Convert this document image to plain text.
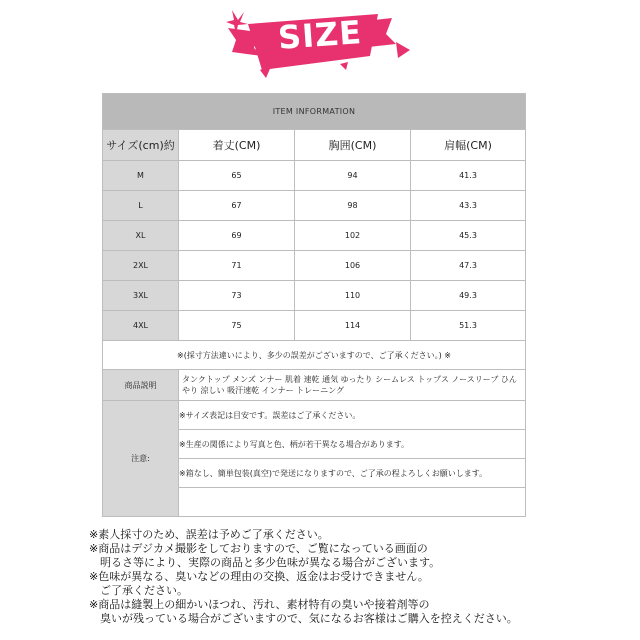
SIZE
ITEM INFORMATION			
サイズ(cm)約	着丈(CM)	胸囲(CM)	肩幅(CM)
M	65	94	41.3
L	67	98	43.3
XL	69	102	45.3
2XL	71	106	47.3
3XL	73	110	49.3
4XL	75	114	51.3
※(採寸方法違いにより、多少の誤差がございますので、ご了承ください。) ※			
商品説明	タンクトップ メンズ ンナー 肌着 速乾 通気 ゆったり シームレス トップス ノースリーブ ひんやり 涼しい 吸汗速乾 インナー トレーニング		
注意:	※サイズ表記は目安です。誤差はご了承ください。		
	※生産の関係により写真と色、柄が若干異なる場合があります。		
	※箱なし、簡単包装(真空)で発送になりますので、ご了承の程よろしくお願いします。		

※素人採寸のため、誤差は予めご了承ください。
※商品はデジカメ撮影をしておりますので、ご覧になっている画面の
明るさ等により、実際の商品と多少色味が異なる場合がございます。
※色味が異なる、臭いなどの理由の交換、返金はお受けできません。
ご了承ください。
※商品は縫製上の細かいほつれ、汚れ、素材特有の臭いや接着剤等の
臭いが残っている場合がございますので、気になるお客様はご購入を控えください。
